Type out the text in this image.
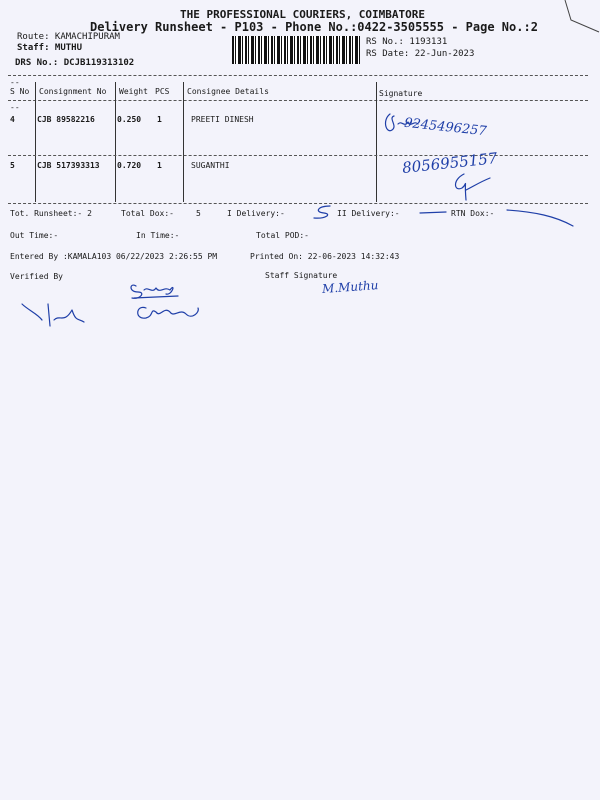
THE PROFESSIONAL COURIERS, COIMBATORE
Delivery Runsheet - P103 - Phone No.:0422-3505555 - Page No.:2
Route: KAMACHIPURAM
Staff: MUTHU
DRS No.: DCJB119313102
RS No.: 1193131
RS Date: 22-Jun-2023
--
S No Consignment No Weight PCS Consignee Details	Signature
--
4	CJB 89582216	0.250 1	PREETI DINESH	9245496257
5	CJB 517393313 0.720 1	SUGANTHI	8056955157
Tot. Runsheet:- 2	Total Dox:-	5	I Delivery:-	II Delivery:-	RTN Dox:-
Out Time:-	In Time:-	Total POD:-
Entered By :KAMALA103 06/22/2023 2:26:55 PM	Printed On: 22-06-2023 14:32:43
Verified By	Staff Signature
M.Muthu
